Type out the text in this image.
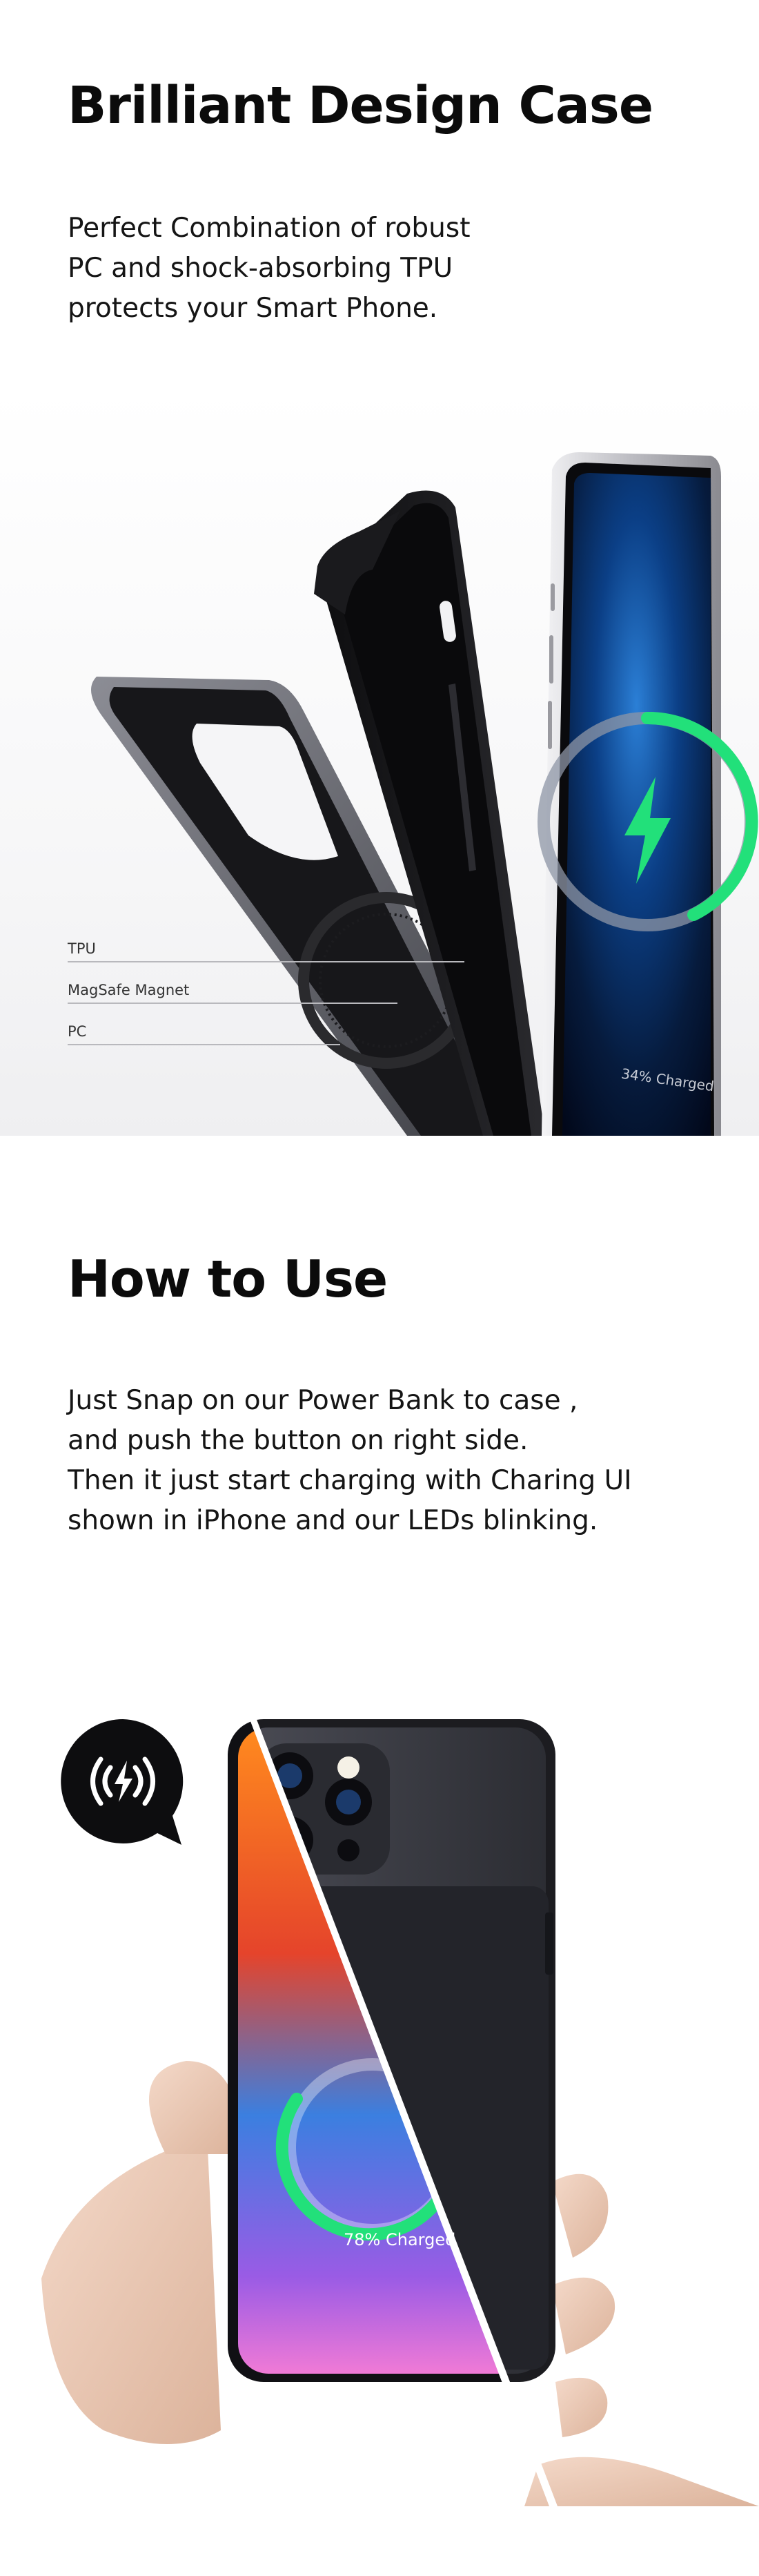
Brilliant Design Case
Perfect Combination of robust
PC and shock-absorbing TPU
protects your Smart Phone.
34% Charged
TPU
MagSafe Magnet
PC
How to Use
Just Snap on our Power Bank to case ,
and push the button on right side.
Then it just start charging with Charing UI
shown in iPhone and our LEDs blinking.
78% Charged
